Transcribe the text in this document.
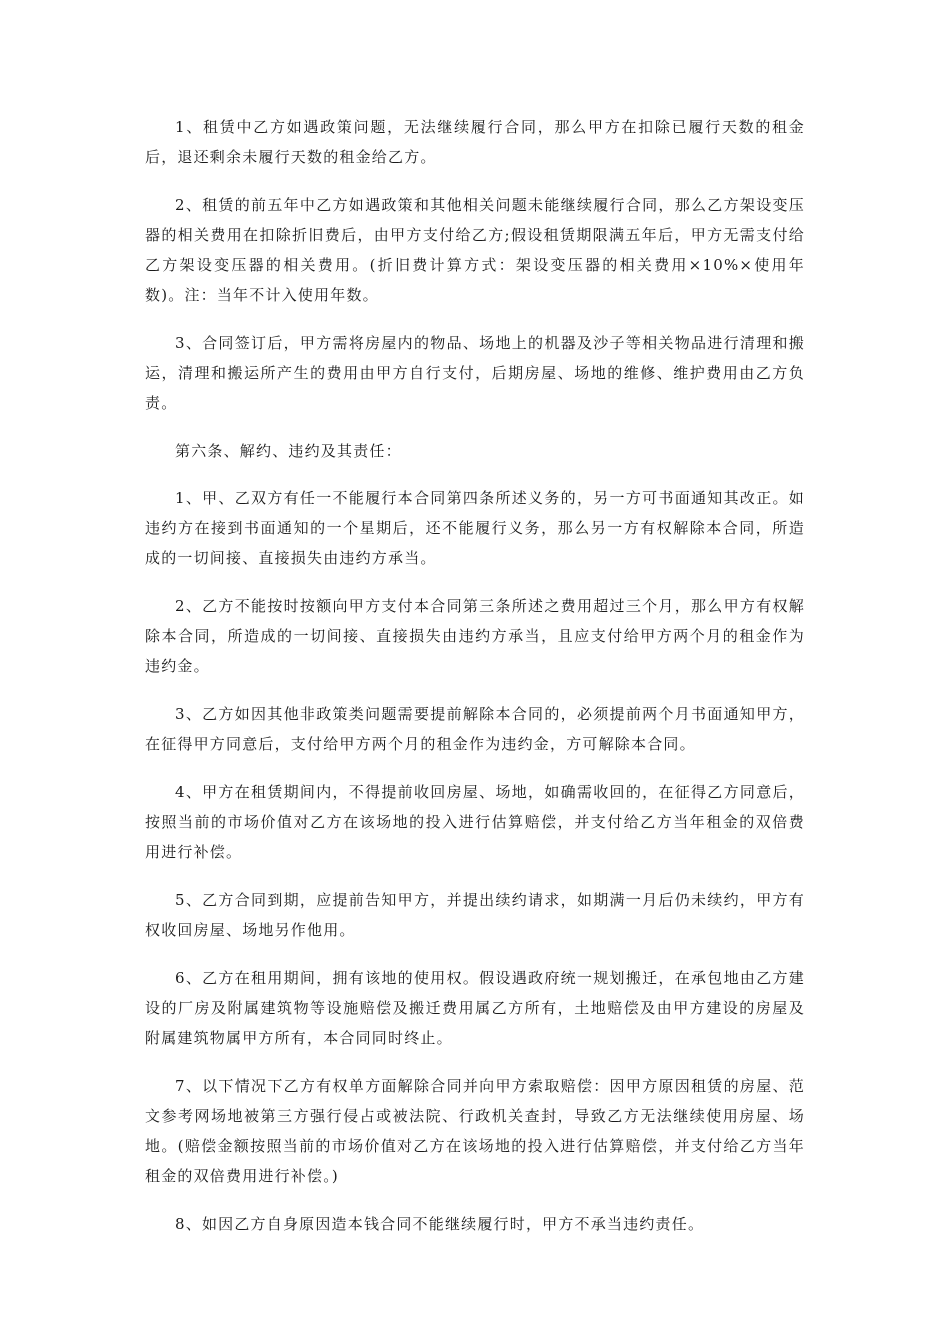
1、租赁中乙方如遇政策问题，无法继续履行合同，那么甲方在扣除已履行天数的租金后，退还剩余未履行天数的租金给乙方。

2、租赁的前五年中乙方如遇政策和其他相关问题未能继续履行合同，那么乙方架设变压器的相关费用在扣除折旧费后，由甲方支付给乙方;假设租赁期限满五年后，甲方无需支付给乙方架设变压器的相关费用。(折旧费计算方式：架设变压器的相关费用×10%×使用年数)。注：当年不计入使用年数。

3、合同签订后，甲方需将房屋内的物品、场地上的机器及沙子等相关物品进行清理和搬运，清理和搬运所产生的费用由甲方自行支付，后期房屋、场地的维修、维护费用由乙方负责。

第六条、解约、违约及其责任：

1、甲、乙双方有任一不能履行本合同第四条所述义务的，另一方可书面通知其改正。如违约方在接到书面通知的一个星期后，还不能履行义务，那么另一方有权解除本合同，所造成的一切间接、直接损失由违约方承当。

2、乙方不能按时按额向甲方支付本合同第三条所述之费用超过三个月，那么甲方有权解除本合同，所造成的一切间接、直接损失由违约方承当，且应支付给甲方两个月的租金作为违约金。

3、乙方如因其他非政策类问题需要提前解除本合同的，必须提前两个月书面通知甲方，在征得甲方同意后，支付给甲方两个月的租金作为违约金，方可解除本合同。

4、甲方在租赁期间内，不得提前收回房屋、场地，如确需收回的，在征得乙方同意后，按照当前的市场价值对乙方在该场地的投入进行估算赔偿，并支付给乙方当年租金的双倍费用进行补偿。

5、乙方合同到期，应提前告知甲方，并提出续约请求，如期满一月后仍未续约，甲方有权收回房屋、场地另作他用。

6、乙方在租用期间，拥有该地的使用权。假设遇政府统一规划搬迁，在承包地由乙方建设的厂房及附属建筑物等设施赔偿及搬迁费用属乙方所有，土地赔偿及由甲方建设的房屋及附属建筑物属甲方所有，本合同同时终止。

7、以下情况下乙方有权单方面解除合同并向甲方索取赔偿：因甲方原因租赁的房屋、范文参考网场地被第三方强行侵占或被法院、行政机关查封，导致乙方无法继续使用房屋、场地。(赔偿金额按照当前的市场价值对乙方在该场地的投入进行估算赔偿，并支付给乙方当年租金的双倍费用进行补偿。)

8、如因乙方自身原因造本钱合同不能继续履行时，甲方不承当违约责任。
